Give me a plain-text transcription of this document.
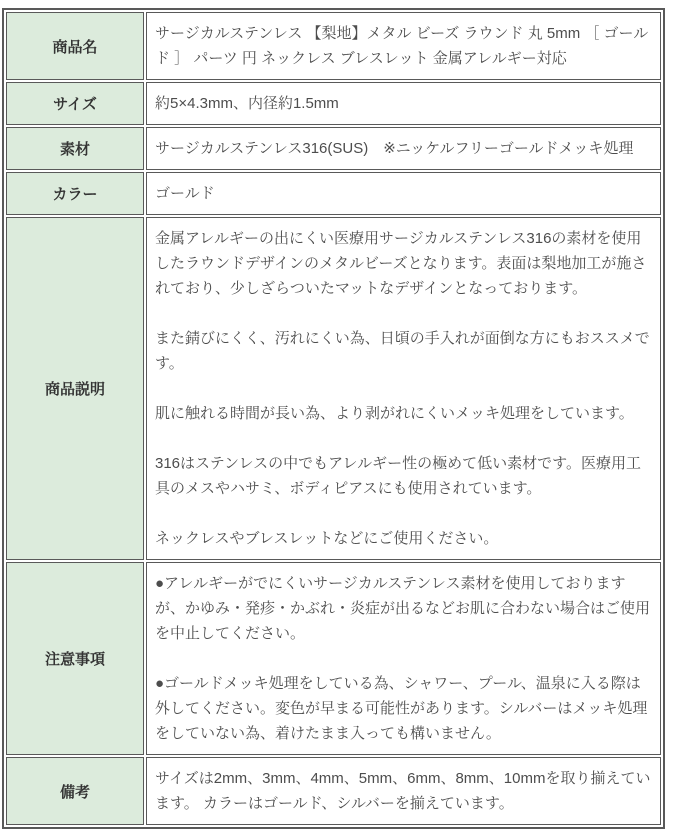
商品名	サージカルステンレス 【梨地】メタル ビーズ ラウンド 丸 5mm ［ ゴールド ］ パーツ 円 ネックレス ブレスレット 金属アレルギー対応

サイズ	約5×4.3mm、内径約1.5mm

素材	サージカルステンレス316(SUS)　※ニッケルフリーゴールドメッキ処理

カラー	ゴールド

商品説明	金属アレルギーの出にくい医療用サージカルステンレス316の素材を使用したラウンドデザインのメタルビーズとなります。表面は梨地加工が施されており、少しざらついたマットなデザインとなっております。

また錆びにくく、汚れにくい為、日頃の手入れが面倒な方にもおススメです。

肌に触れる時間が長い為、より剥がれにくいメッキ処理をしています。

316はステンレスの中でもアレルギー性の極めて低い素材です。医療用工具のメスやハサミ、ボディピアスにも使用されています。

ネックレスやブレスレットなどにご使用ください。

注意事項	●アレルギーがでにくいサージカルステンレス素材を使用しておりますが、かゆみ・発疹・かぶれ・炎症が出るなどお肌に合わない場合はご使用を中止してください。

●ゴールドメッキ処理をしている為、シャワー、プール、温泉に入る際は外してください。変色が早まる可能性があります。シルバーはメッキ処理をしていない為、着けたまま入っても構いません。

備考	サイズは2mm、3mm、4mm、5mm、6mm、8mm、10mmを取り揃えています。 カラーはゴールド、シルバーを揃えています。
